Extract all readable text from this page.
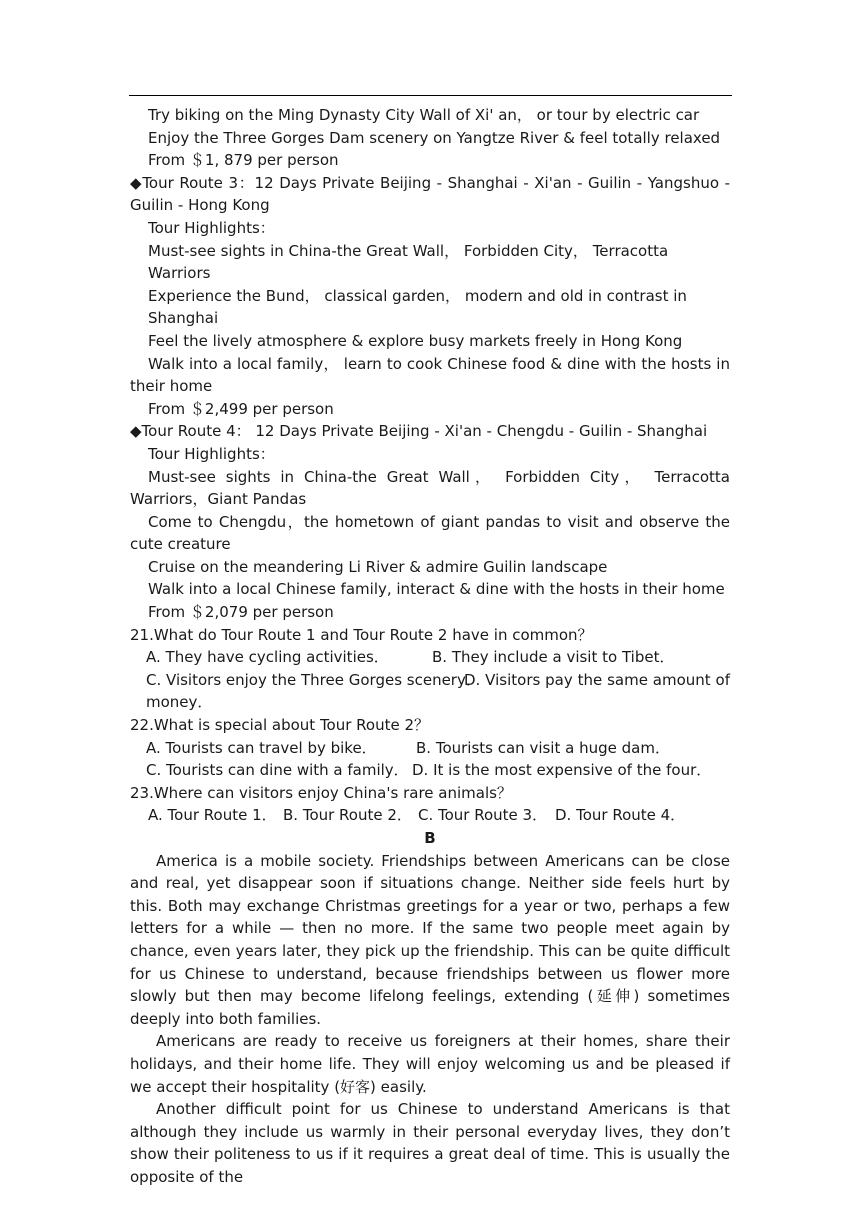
Try biking on the Ming Dynasty City Wall of Xi' an， or tour by electric car

Enjoy the Three Gorges Dam scenery on Yangtze River & feel totally relaxed

From ＄1, 879 per person

◆Tour Route 3：12 Days Private Beijing - Shanghai - Xi'an - Guilin - Yangshuo - Guilin - Hong Kong

Tour Highlights：

Must-see sights in China-the Great Wall， Forbidden City， Terracotta Warriors

Experience the Bund， classical garden， modern and old in contrast in Shanghai

Feel the lively atmosphere & explore busy markets freely in Hong Kong

Walk into a local family， learn to cook Chinese food & dine with the hosts in their home

From ＄2,499 per person

◆Tour Route 4： 12 Days Private Beijing - Xi'an - Chengdu - Guilin - Shanghai

Tour Highlights：

Must-see sights in China-the Great Wall， Forbidden City， Terracotta Warriors，Giant Pandas

Come to Chengdu，the hometown of giant pandas to visit and observe the cute creature

Cruise on the meandering Li River & admire Guilin landscape

Walk into a local Chinese family, interact & dine with the hosts in their home

From ＄2,079 per person

21.What do Tour Route 1 and Tour Route 2 have in common？

A. They have cycling activities．	B. They include a visit to Tibet．
C. Visitors enjoy the Three Gorges scenery．

D. Visitors pay the same amount of money．

22.What is special about Tour Route 2？

A. Tourists can travel by bike．	B. Tourists can visit a huge dam．
C. Tourists can dine with a family． D. It is the most expensive of the four．

23.Where can visitors enjoy China's rare animals？

A. Tour Route 1． B. Tour Route 2． C. Tour Route 3． D. Tour Route 4．

B

America is a mobile society. Friendships between Americans can be close and real, yet disappear soon if situations change. Neither side feels hurt by this. Both may exchange Christmas greetings for a year or two, perhaps a few letters for a while — then no more. If the same two people meet again by chance, even years later, they pick up the friendship. This can be quite difficult for us Chinese to understand, because friendships between us flower more slowly but then may become lifelong feelings, extending (延伸) sometimes deeply into both families.

Americans are ready to receive us foreigners at their homes, share their holidays, and their home life. They will enjoy welcoming us and be pleased if we accept their hospitality (好客) easily.

Another difficult point for us Chinese to understand Americans is that although they include us warmly in their personal everyday lives, they don’t show their politeness to us if it requires a great deal of time. This is usually the opposite of the
